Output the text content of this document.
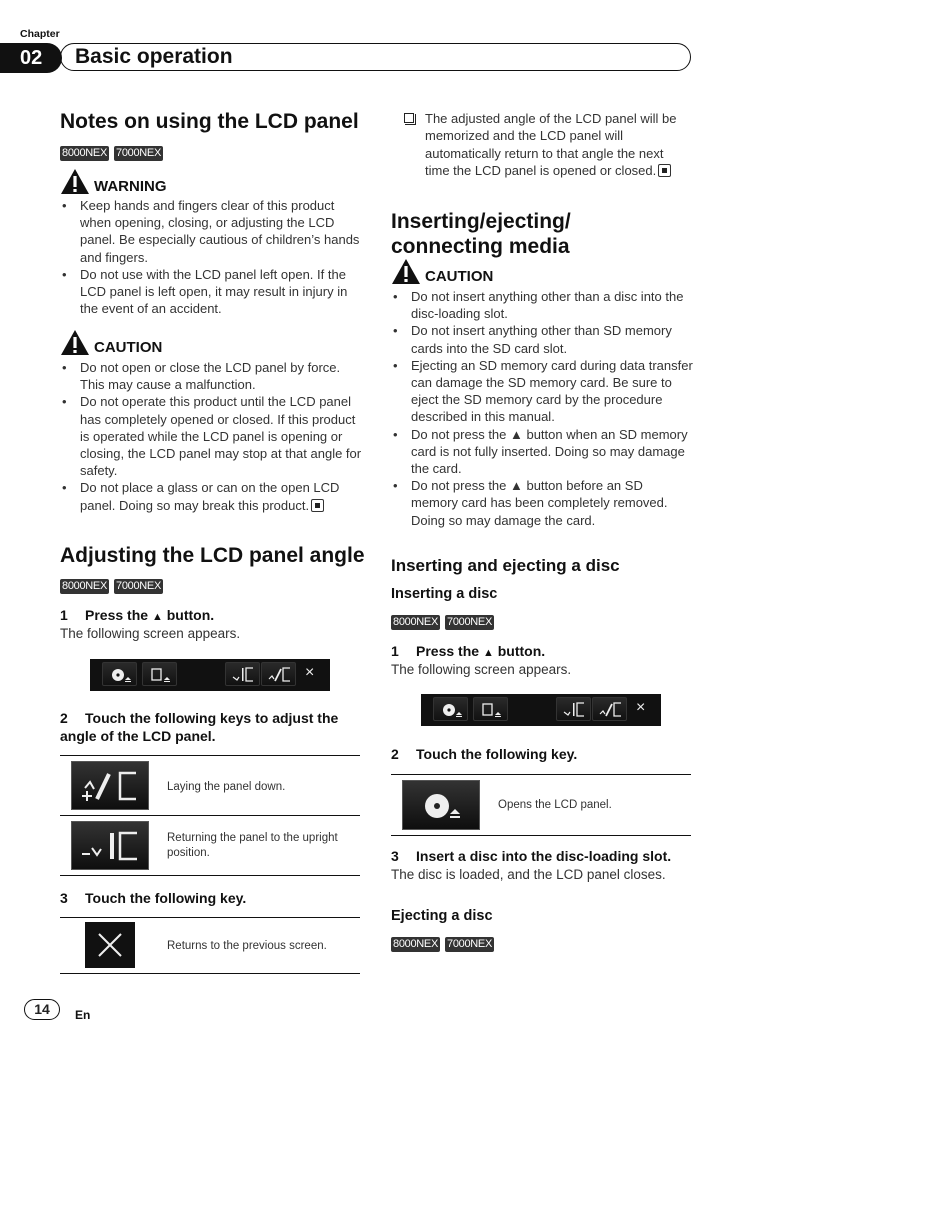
Chapter
02	Basic operation
Notes on using the LCD panel
8000NEX 7000NEX
WARNING
• Keep hands and fingers clear of this product when opening, closing, or adjusting the LCD panel. Be especially cautious of children’s hands and fingers.
• Do not use with the LCD panel left open. If the LCD panel is left open, it may result in injury in the event of an accident.
CAUTION
• Do not open or close the LCD panel by force. This may cause a malfunction.
• Do not operate this product until the LCD panel has completely opened or closed. If this product is operated while the LCD panel is opening or closing, the LCD panel may stop at that angle for safety.
• Do not place a glass or can on the open LCD panel. Doing so may break this product.
Adjusting the LCD panel angle
8000NEX 7000NEX
1 Press the ▲ button.

The following screen appears.

×
2 Touch the following keys to adjust the angle of the LCD panel.
Laying the panel down.
Returning the panel to the upright position.
3 Touch the following key.
Returns to the previous screen.
The adjusted angle of the LCD panel will be memorized and the LCD panel will automatically return to that angle the next time the LCD panel is opened or closed.
Inserting/ejecting/
connecting media
CAUTION
• Do not insert anything other than a disc into the disc-loading slot.
• Do not insert anything other than SD memory cards into the SD card slot.
• Ejecting an SD memory card during data transfer can damage the SD memory card. Be sure to eject the SD memory card by the procedure described in this manual.
• Do not press the ▲ button when an SD memory card is not fully inserted. Doing so may damage the card.
• Do not press the ▲ button before an SD memory card has been completely removed. Doing so may damage the card.
Inserting and ejecting a disc
Inserting a disc
8000NEX 7000NEX
1 Press the ▲ button.

The following screen appears.

×
2 Touch the following key.
Opens the LCD panel.
3 Insert a disc into the disc-loading slot.

The disc is loaded, and the LCD panel closes.

Ejecting a disc
8000NEX 7000NEX
14	En
